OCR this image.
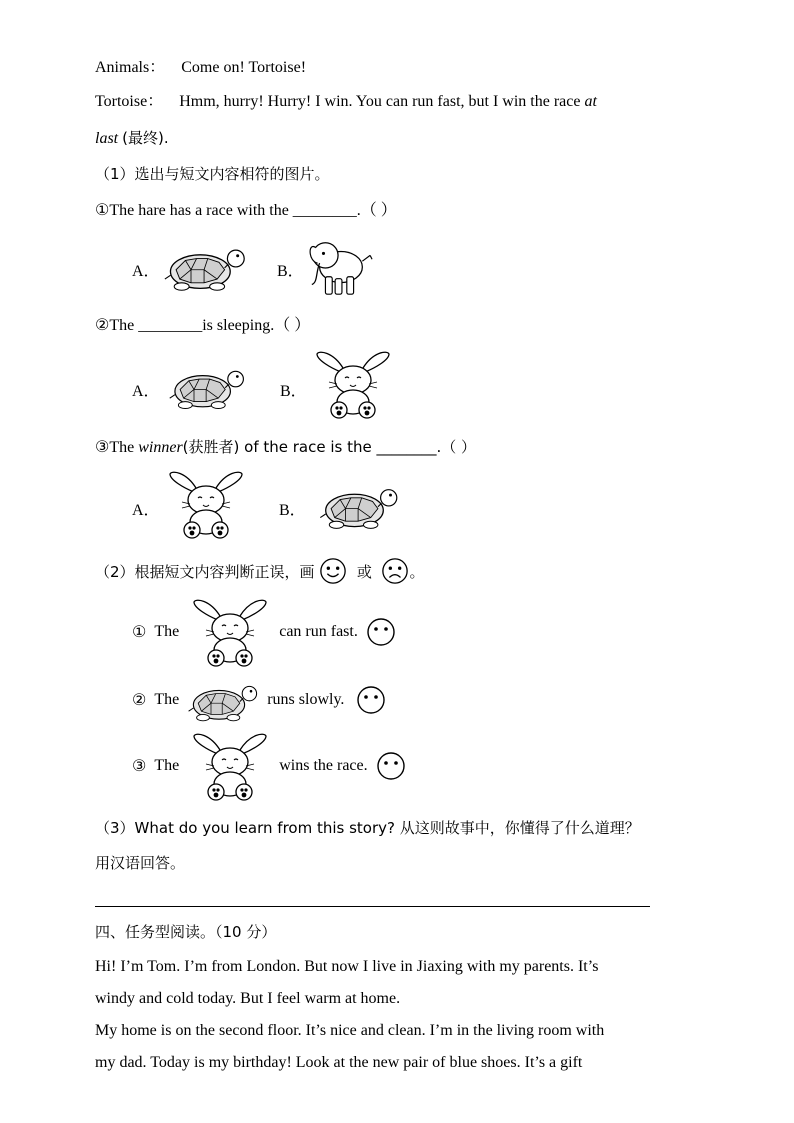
Animals： Come on! Tortoise!
Tortoise： Hmm, hurry! Hurry! I win. You can run fast, but I win the race at
last (最终).
（1）选出与短文内容相符的图片。
①The hare has a race with the ________.（ ）
A．	B．
②The ________is sleeping.（ ）
A．	B．
③The winner(获胜者) of the race is the ________.（ ）
A．	B．
（2）根据短文内容判断正误，画

	或
	。
①
The	can run fast.
②
The	runs slowly.
③
The	wins the race.
（3）What do you learn from this story? 从这则故事中，你懂得了什么道理？
用汉语回答。
四、任务型阅读。（10 分）
Hi! I’m Tom. I’m from London. But now I live in Jiaxing with my parents. It’s
windy and cold today. But I feel warm at home.
My home is on the second floor. It’s nice and clean. I’m in the living room with
my dad. Today is my birthday! Look at the new pair of blue shoes. It’s a gift
